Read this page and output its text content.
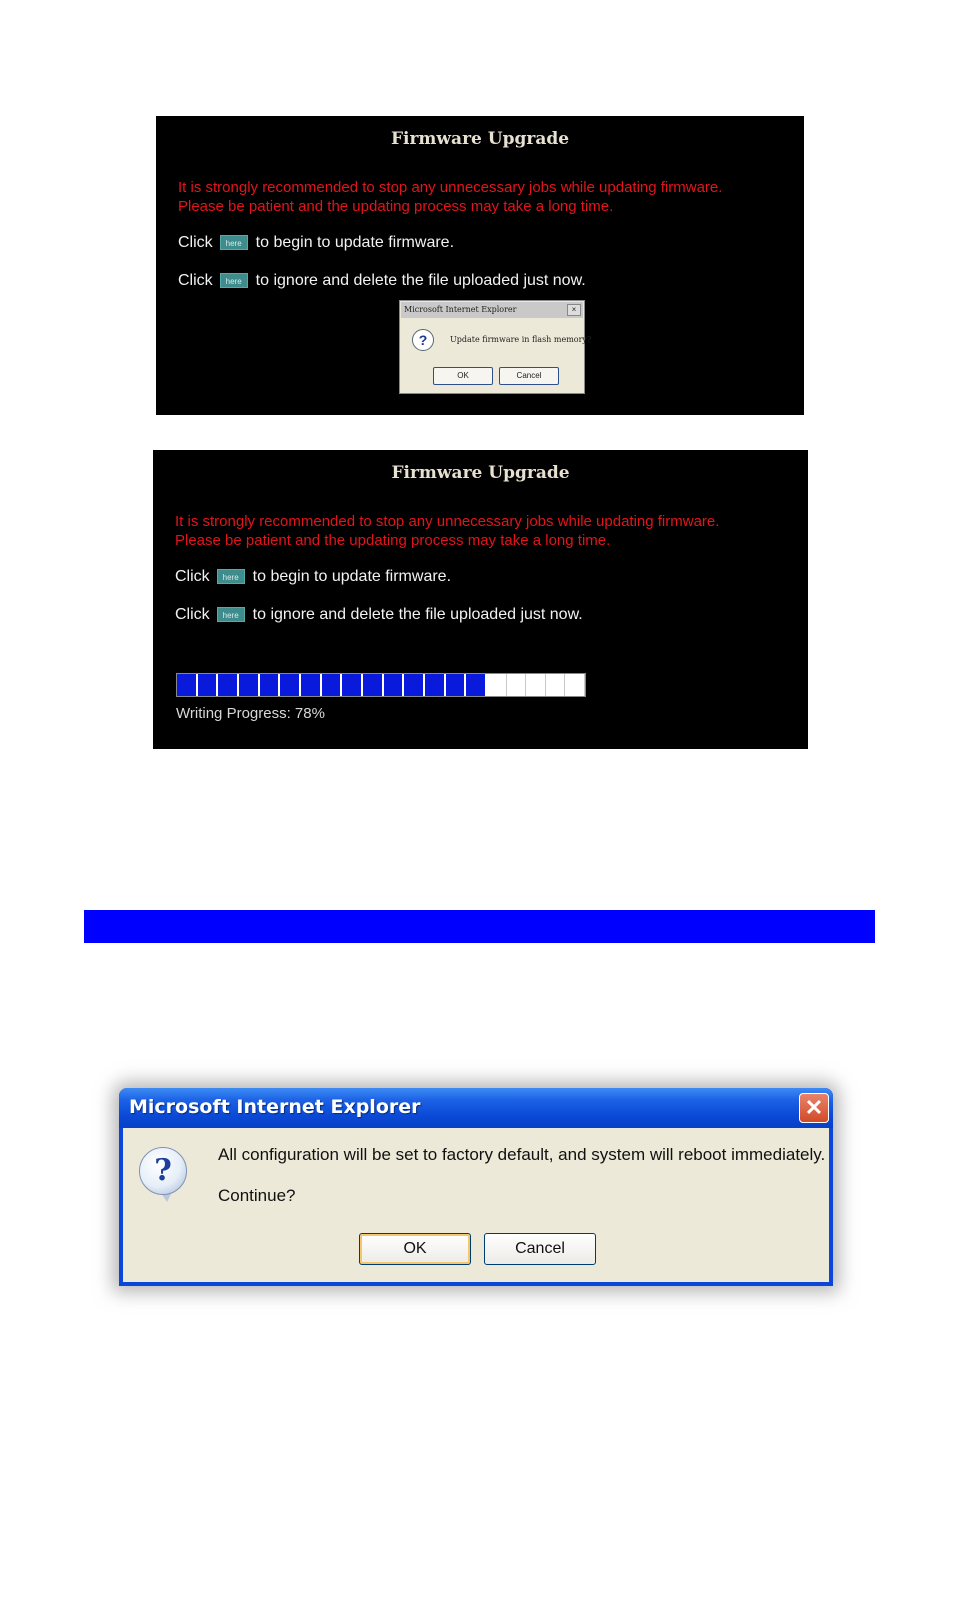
Firmware Upgrade
It is strongly recommended to stop any unnecessary jobs while updating firmware.
Please be patient and the updating process may take a long time.
Click here to begin to update firmware.
Click here to ignore and delete the file uploaded just now.
Microsoft Internet Explorer	×
?	Update firmware in flash memory?
OK	Cancel
Firmware Upgrade
It is strongly recommended to stop any unnecessary jobs while updating firmware.
Please be patient and the updating process may take a long time.
Click here to begin to update firmware.
Click here to ignore and delete the file uploaded just now.
Writing Progress: 78%
Microsoft Internet Explorer	✕
?	All configuration will be set to factory default, and system will reboot immediately.
Continue?
OK	Cancel
